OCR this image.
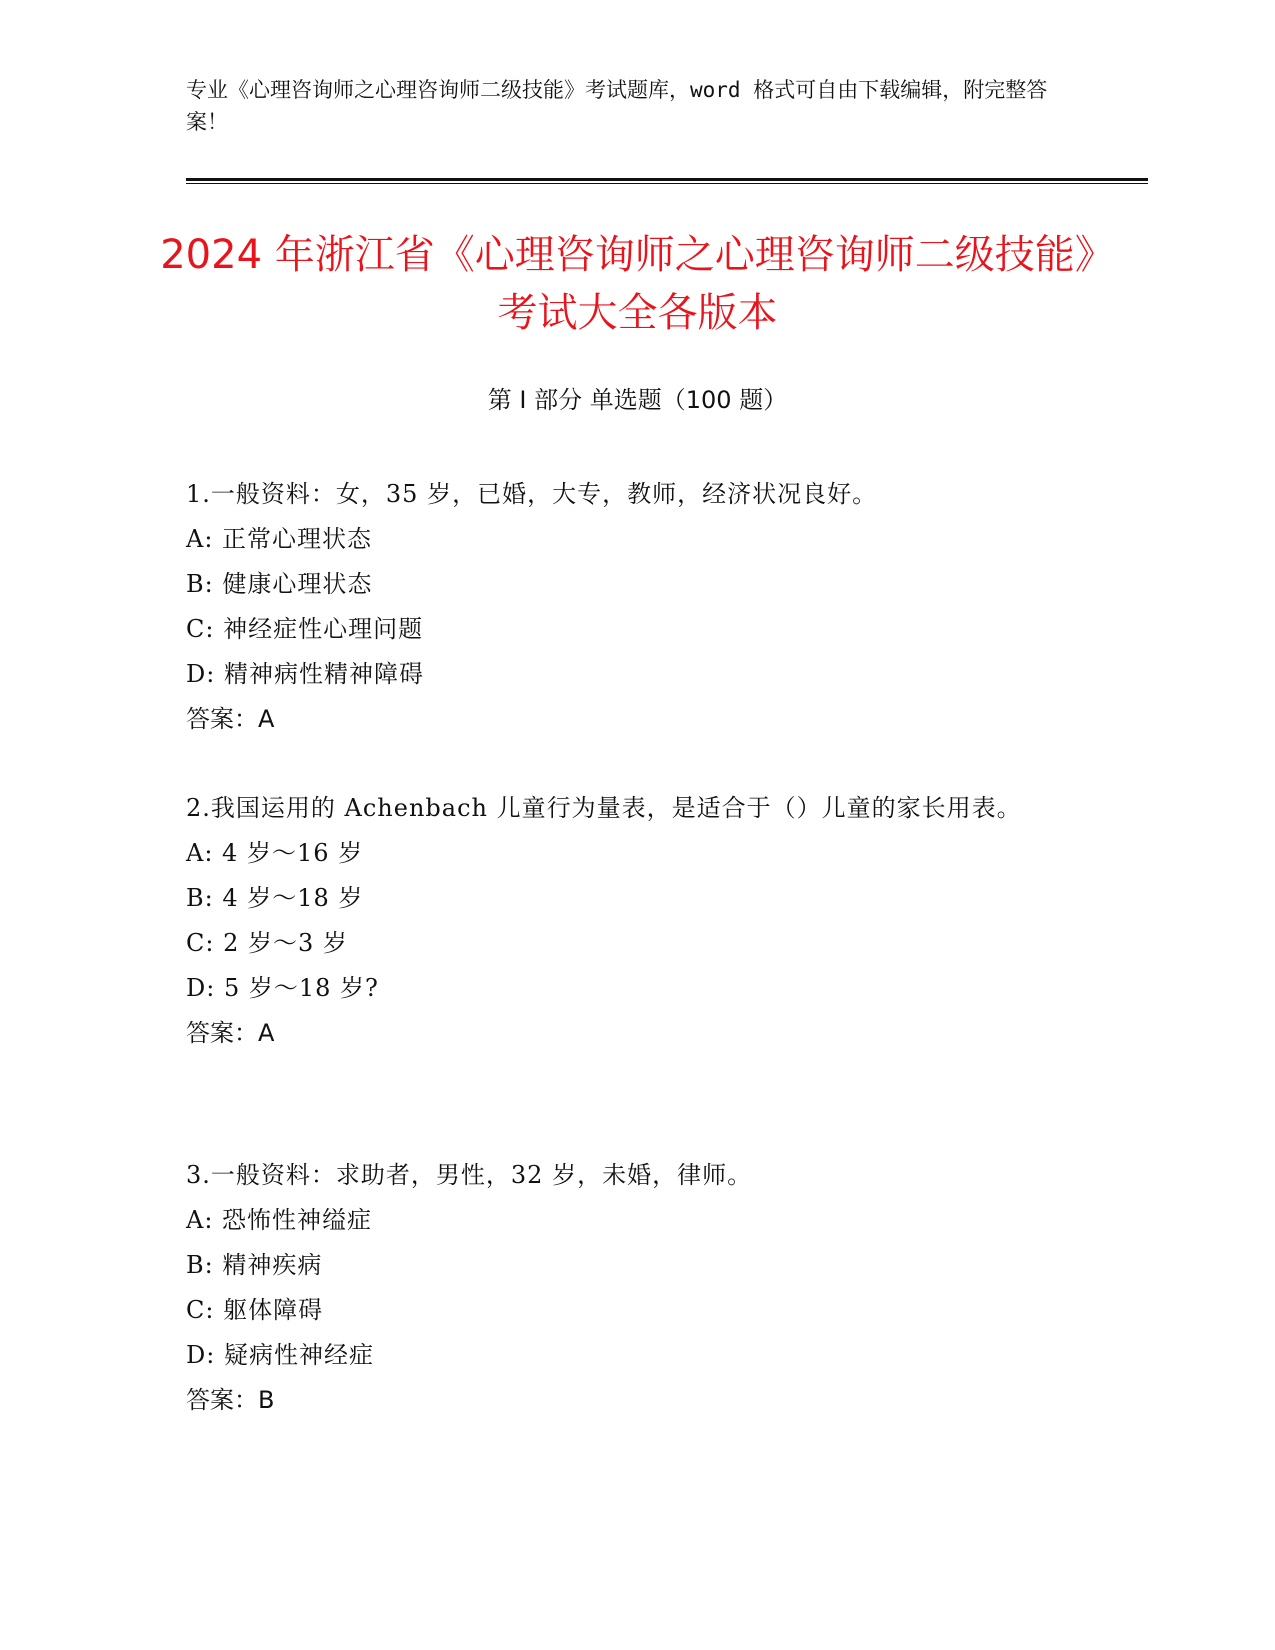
专业《心理咨询师之心理咨询师二级技能》考试题库，word 格式可自由下载编辑，附完整答案！
2024 年浙江省《心理咨询师之心理咨询师二级技能》考试大全各版本
第 I 部分 单选题（100 题）
1.一般资料：女，35 岁，已婚，大专，教师，经济状况良好。
A: 正常心理状态
B: 健康心理状态
C: 神经症性心理问题
D: 精神病性精神障碍
答案：A
2.我国运用的 Achenbach 儿童行为量表，是适合于（）儿童的家长用表。
A: 4 岁～16 岁
B: 4 岁～18 岁
C: 2 岁～3 岁
D: 5 岁～18 岁?
答案：A
3.一般资料：求助者，男性，32 岁，未婚，律师。
A: 恐怖性神缢症
B: 精神疾病
C: 躯体障碍
D: 疑病性神经症
答案：B
